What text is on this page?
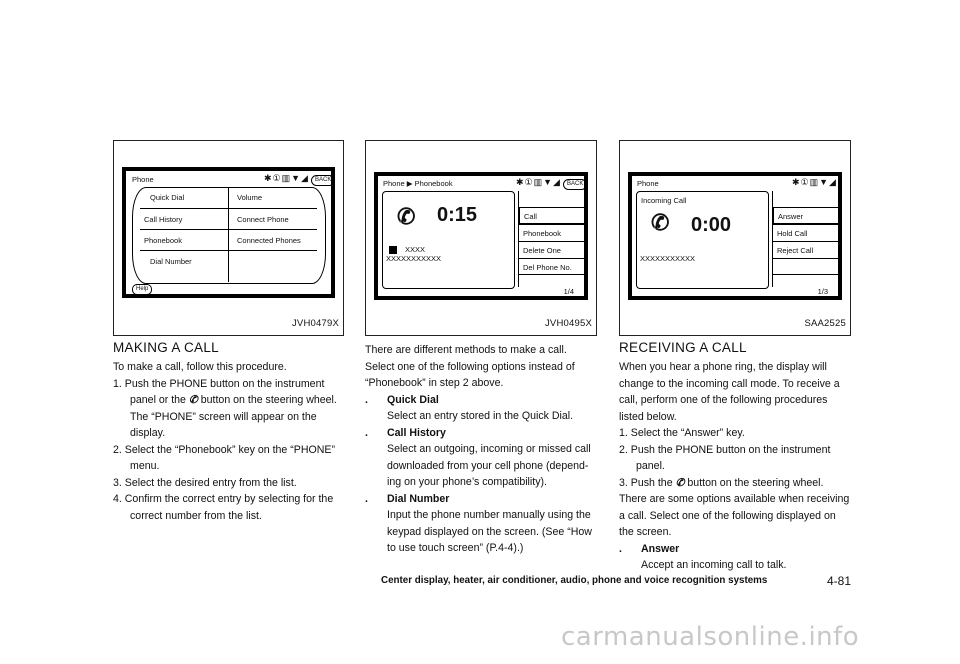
Phone	✱①▥▼◢	BACK
Quick Dial
Call History
Phonebook
Dial Number
Volume
Connect Phone
Connected Phones
Help
JVH0479X
Phone ▶ Phonebook	✱①▥▼◢	BACK
✆ 0:15
XXXX
XXXXXXXXXXX
Call
Phonebook
Delete One
Del Phone No.
1/4
JVH0495X
Phone	✱①▥▼◢
Incoming Call
✆ 0:00
XXXXXXXXXXX
Answer
Hold Call
Reject Call
1/3
SAA2525
MAKING A CALL
To make a call, follow this procedure.
1. Push the PHONE button on the instrument panel or the ✆ button on the steering wheel. The “PHONE” screen will appear on the display.
2. Select the “Phonebook” key on the “PHONE” menu.
3. Select the desired entry from the list.
4. Confirm the correct entry by selecting for the correct number from the list.
There are different methods to make a call. Select one of the following options instead of “Phonebook” in step 2 above.
. Quick Dial
Select an entry stored in the Quick Dial.
. Call History
Select an outgoing, incoming or missed call downloaded from your cell phone (depend- ing on your phone’s compatibility).
. Dial Number
Input the phone number manually using the keypad displayed on the screen. (See “How to use touch screen” (P.4-4).)
RECEIVING A CALL
When you hear a phone ring, the display will change to the incoming call mode. To receive a call, perform one of the following procedures listed below.
1. Select the “Answer” key.
2. Push the PHONE button on the instrument panel.
3. Push the ✆ button on the steering wheel.
There are some options available when receiving a call. Select one of the following displayed on the screen.
. Answer
Accept an incoming call to talk.
Center display, heater, air conditioner, audio, phone and voice recognition systems	4-81
carmanualsonline.info
